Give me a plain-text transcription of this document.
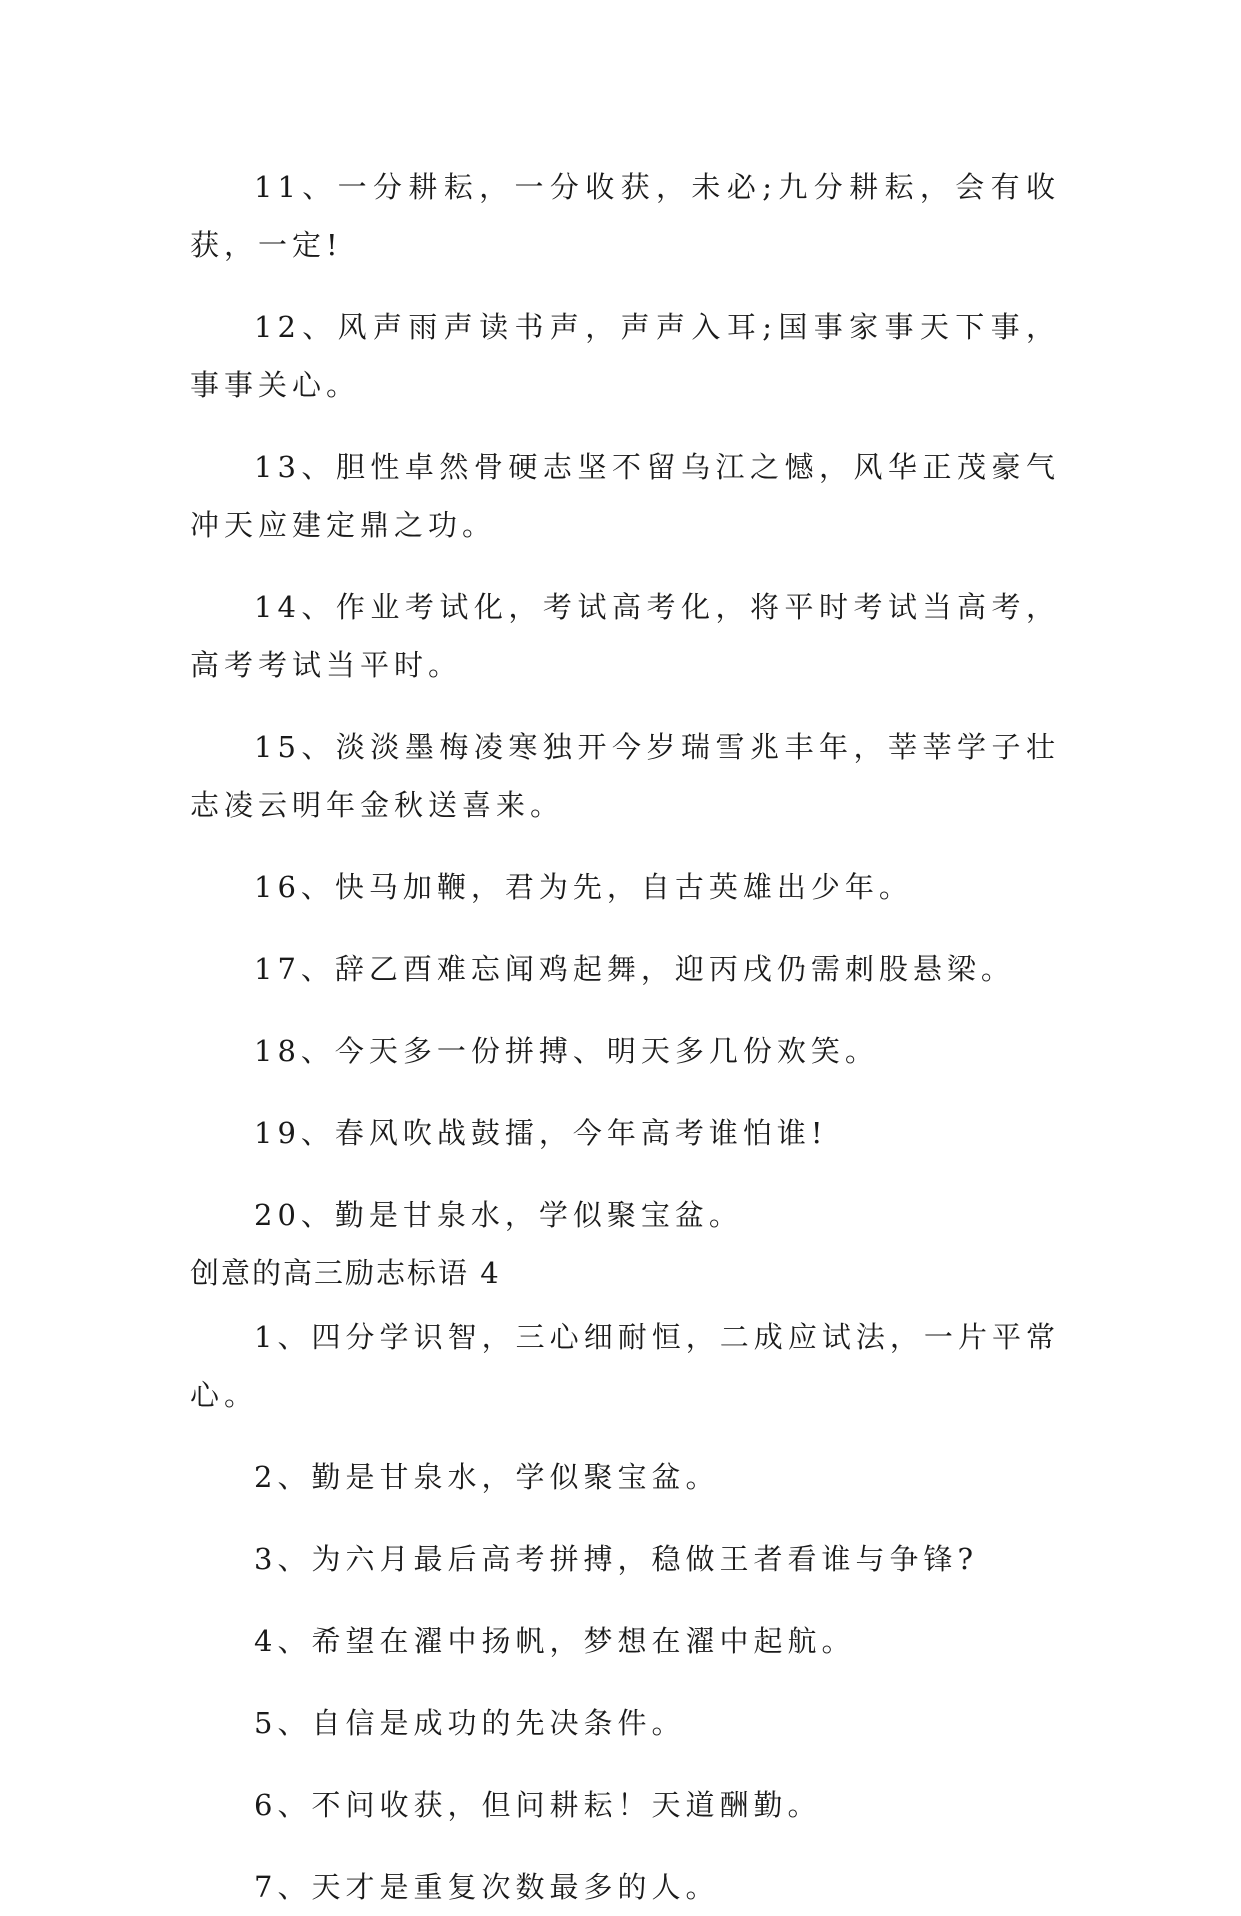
11、一分耕耘，一分收获，未必;九分耕耘，会有收获，一定!

12、风声雨声读书声，声声入耳;国事家事天下事，事事关心。

13、胆性卓然骨硬志坚不留乌江之憾，风华正茂豪气冲天应建定鼎之功。

14、作业考试化，考试高考化，将平时考试当高考，高考考试当平时。

15、淡淡墨梅凌寒独开今岁瑞雪兆丰年，莘莘学子壮志凌云明年金秋送喜来。

16、快马加鞭，君为先，自古英雄出少年。

17、辞乙酉难忘闻鸡起舞，迎丙戌仍需刺股悬梁。

18、今天多一份拼搏、明天多几份欢笑。

19、春风吹战鼓擂，今年高考谁怕谁!

20、勤是甘泉水，学似聚宝盆。

创意的高三励志标语 4

1、四分学识智，三心细耐恒，二成应试法，一片平常心。

2、勤是甘泉水，学似聚宝盆。

3、为六月最后高考拼搏，稳做王者看谁与争锋?

4、希望在濯中扬帆，梦想在濯中起航。

5、自信是成功的先决条件。

6、不问收获，但问耕耘！天道酬勤。

7、天才是重复次数最多的人。
